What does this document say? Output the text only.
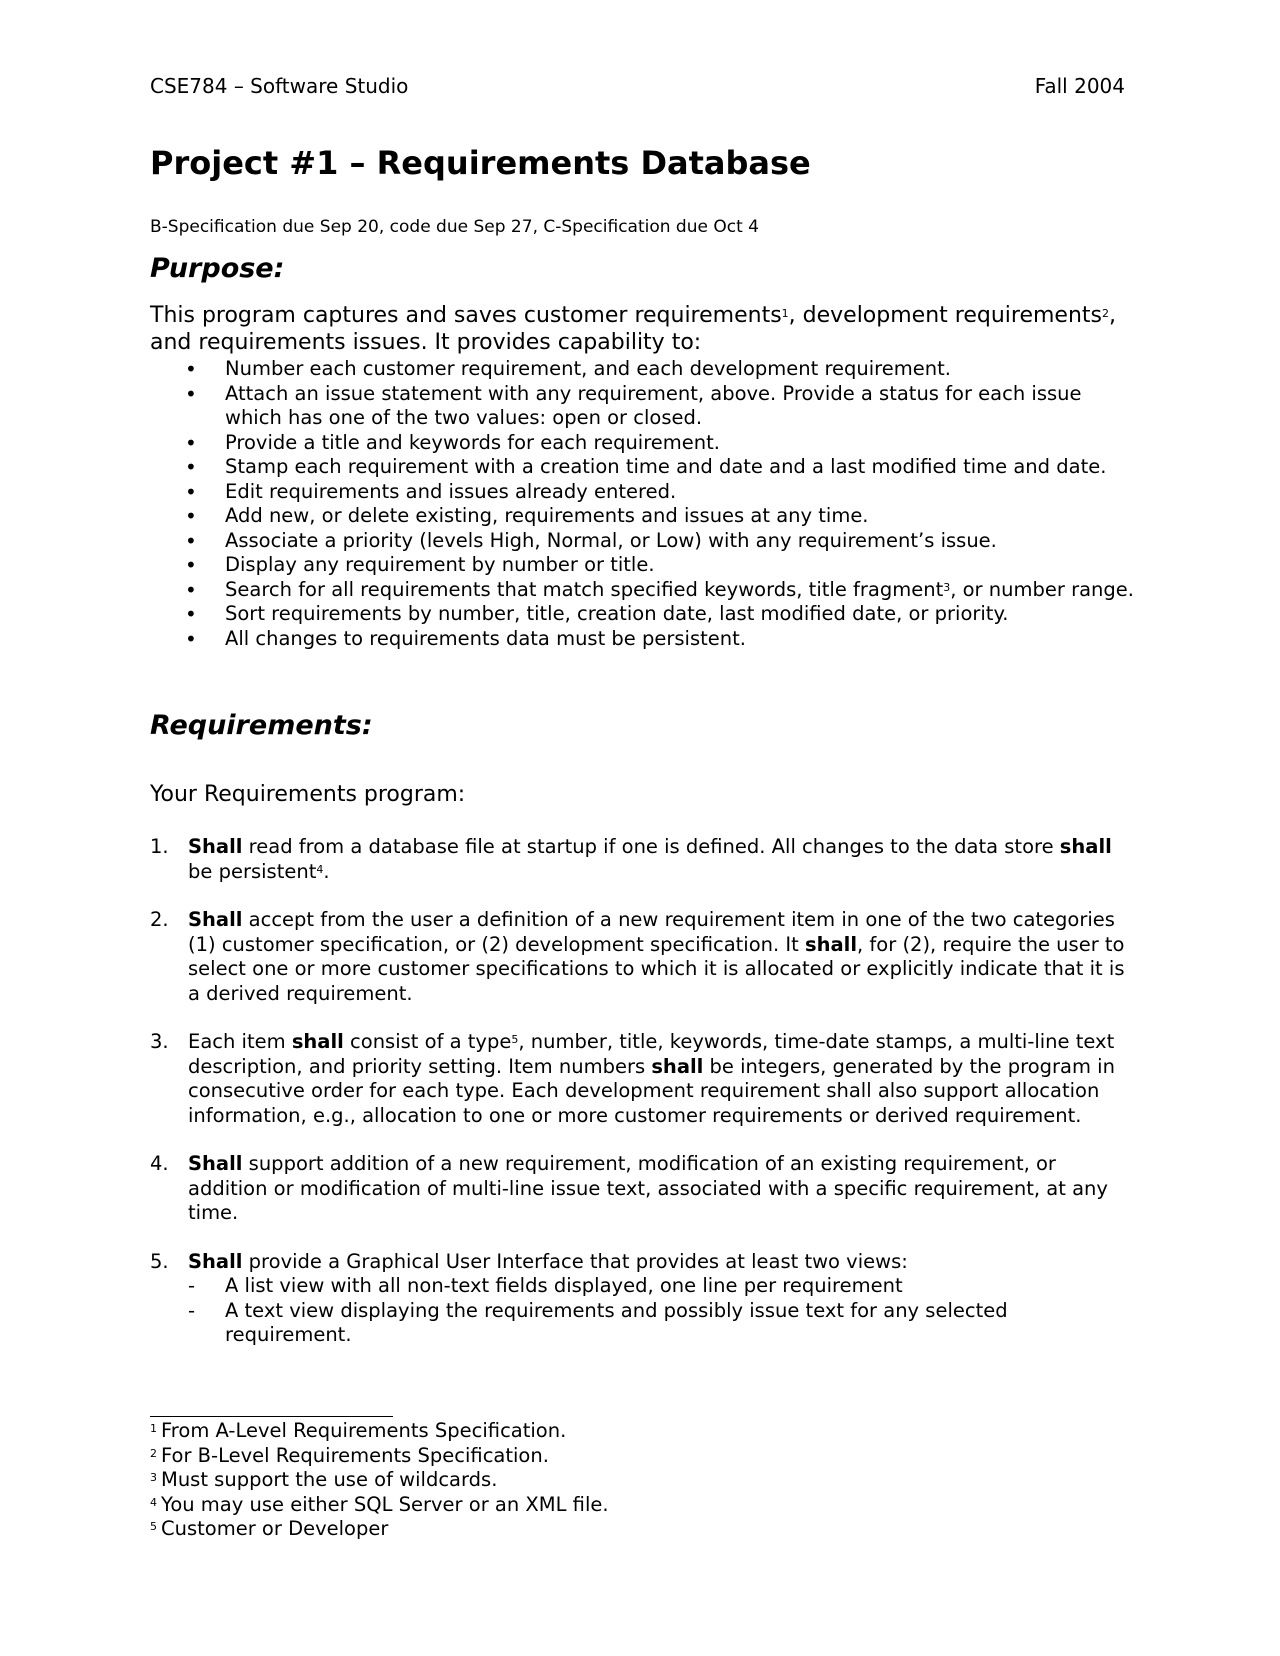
CSE784 – Software Studio	Fall 2004
Project #1 – Requirements Database
B-Specification due Sep 20, code due Sep 27, C-Specification due Oct 4
Purpose:
This program captures and saves customer requirements$^1$, development requirements$^2$, and requirements issues. It provides capability to:
• Number each customer requirement, and each development requirement.
• Attach an issue statement with any requirement, above. Provide a status for each issue which has one of the two values: open or closed.
• Provide a title and keywords for each requirement.
• Stamp each requirement with a creation time and date and a last modified time and date.
• Edit requirements and issues already entered.
• Add new, or delete existing, requirements and issues at any time.
• Associate a priority (levels High, Normal, or Low) with any requirement’s issue.
• Display any requirement by number or title.
• Search for all requirements that match specified keywords, title fragment$^3$, or number range.
• Sort requirements by number, title, creation date, last modified date, or priority.
• All changes to requirements data must be persistent.
Requirements:
Your Requirements program:
1. Shall read from a database file at startup if one is defined. All changes to the data store shall be persistent$^4$.
2. Shall accept from the user a definition of a new requirement item in one of the two categories (1) customer specification, or (2) development specification. It shall, for (2), require the user to select one or more customer specifications to which it is allocated or explicitly indicate that it is a derived requirement.
3. Each item shall consist of a type$^5$, number, title, keywords, time-date stamps, a multi-line text description, and priority setting. Item numbers shall be integers, generated by the program in consecutive order for each type. Each development requirement shall also support allocation information, e.g., allocation to one or more customer requirements or derived requirement.
4. Shall support addition of a new requirement, modification of an existing requirement, or addition or modification of multi-line issue text, associated with a specific requirement, at any time.
5. Shall provide a Graphical User Interface that provides at least two views:
- A list view with all non-text fields displayed, one line per requirement
- A text view displaying the requirements and possibly issue text for any selected requirement.
$^1$ From A-Level Requirements Specification.
$^2$ For B-Level Requirements Specification.
$^3$ Must support the use of wildcards.
$^4$ You may use either SQL Server or an XML file.
$^5$ Customer or Developer
